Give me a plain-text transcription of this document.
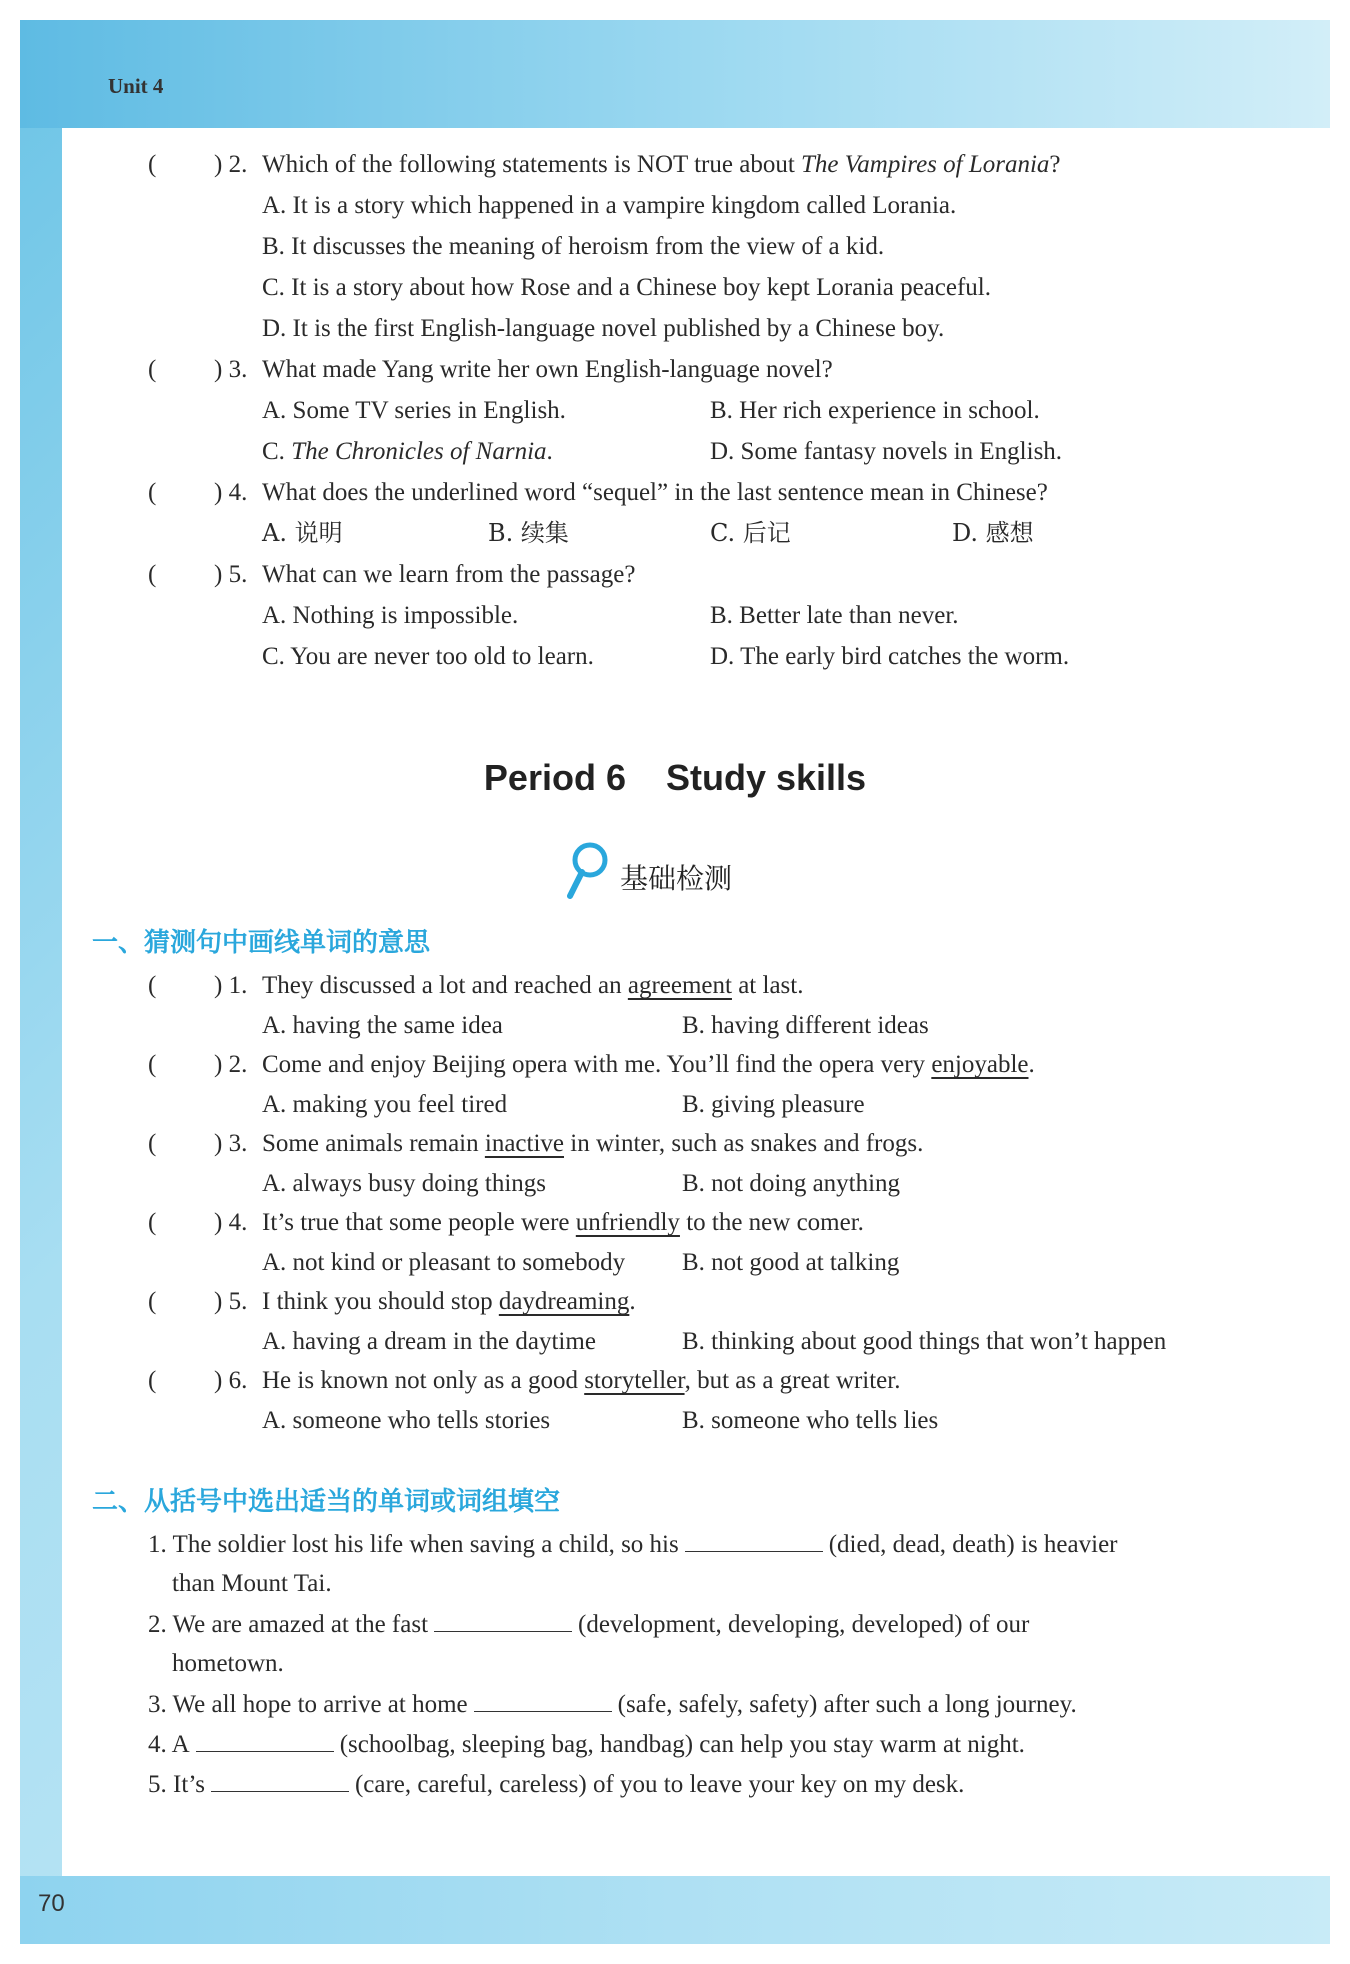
Unit 4
70
( ) 2. Which of the following statements is NOT true about The Vampires of Lorania?
A. It is a story which happened in a vampire kingdom called Lorania.
B. It discusses the meaning of heroism from the view of a kid.
C. It is a story about how Rose and a Chinese boy kept Lorania peaceful.
D. It is the first English-language novel published by a Chinese boy.
( ) 3. What made Yang write her own English-language novel?
A. Some TV series in English.	B. Her rich experience in school.
C. The Chronicles of Narnia.	D. Some fantasy novels in English.
( ) 4. What does the underlined word “sequel” in the last sentence mean in Chinese?
A. 说明	B. 续集	C. 后记	D. 感想
( ) 5. What can we learn from the passage?
A. Nothing is impossible.	B. Better late than never.
C. You are never too old to learn.	D. The early bird catches the worm.
Period 6    Study skills
基础检测
一、猜测句中画线单词的意思
( ) 1. They discussed a lot and reached an agreement at last.
A. having the same idea	B. having different ideas
( ) 2. Come and enjoy Beijing opera with me. You’ll find the opera very enjoyable.
A. making you feel tired	B. giving pleasure
( ) 3. Some animals remain inactive in winter, such as snakes and frogs.
A. always busy doing things	B. not doing anything
( ) 4. It’s true that some people were unfriendly to the new comer.
A. not kind or pleasant to somebody B. not good at talking
( ) 5. I think you should stop daydreaming.
A. having a dream in the daytime	B. thinking about good things that won’t happen
( ) 6. He is known not only as a good storyteller, but as a great writer.
A. someone who tells stories	B. someone who tells lies
二、从括号中选出适当的单词或词组填空
1. The soldier lost his life when saving a child, so his	(died, dead, death) is heavier
than Mount Tai.
2. We are amazed at the fast	(development, developing, developed) of our
hometown.
3. We all hope to arrive at home	(safe, safely, safety) after such a long journey.
4. A	(schoolbag, sleeping bag, handbag) can help you stay warm at night.
5. It’s	(care, careful, careless) of you to leave your key on my desk.
